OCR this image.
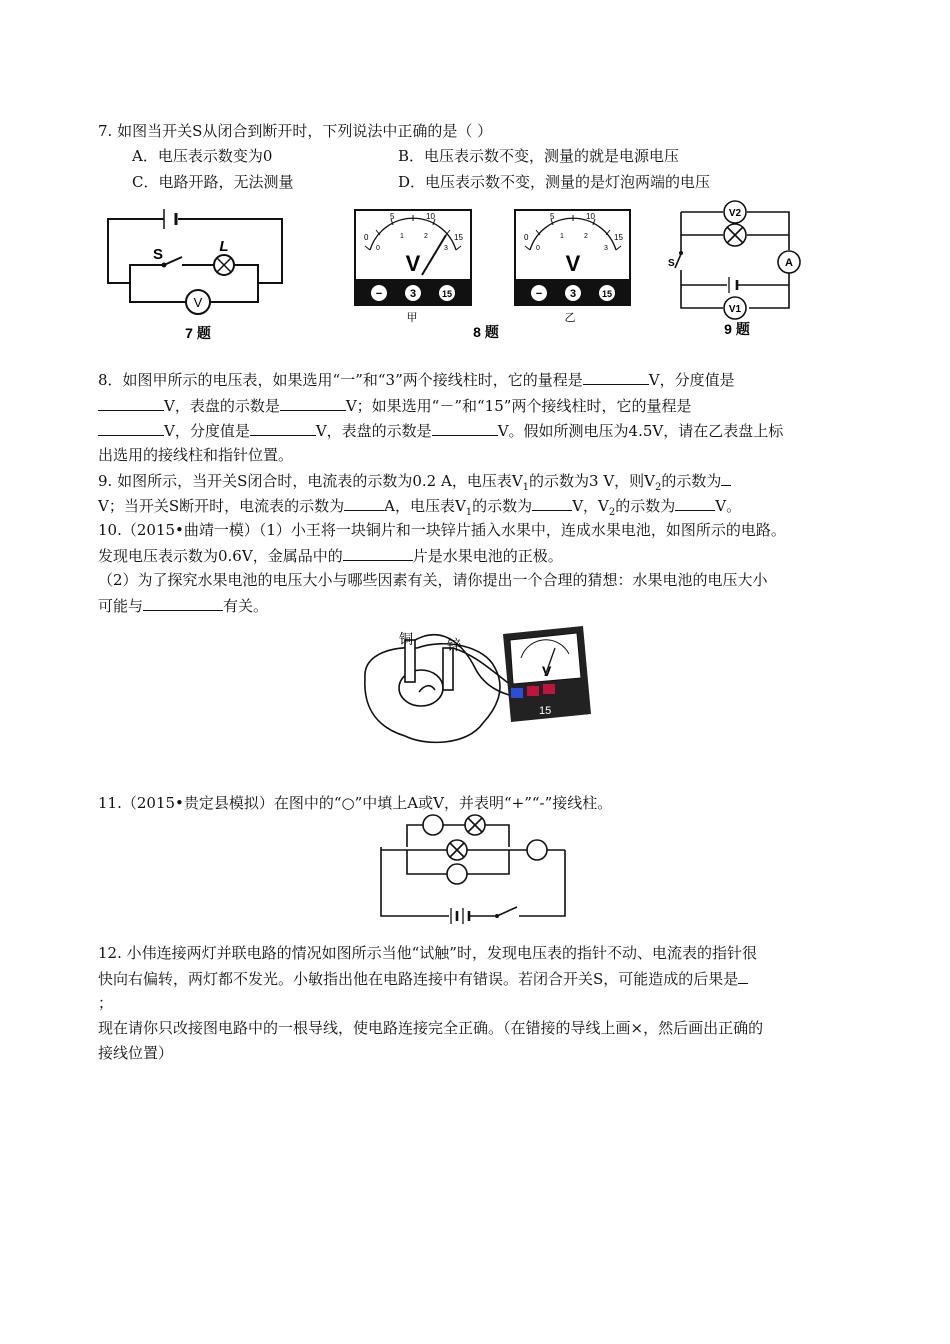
7. 如图当开关S从闭合到断开时，下列说法中正确的是（ ）
A．电压表示数变为0	B．电压表示数不变，测量的就是电源电压
C．电路开路，无法测量	D．电压表示数不变，测量的是灯泡两端的电压
S	L
V
7 题
0
5	10
15
0
1	2
3
V
−	3	15
0
5	10
15
0
1	2
3
V
−	3	15
甲	乙
8 题
V2
A
S
V1
9 题
8．如图甲所示的电压表，如果选用“一”和“3”两个接线柱时，它的量程是	V，分度值是
V，表盘的示数是	V；如果选用“－”和“15”两个接线柱时，它的量程是
V，分度值是	V，表盘的示数是	V。假如所测电压为4.5V，请在乙表盘上标
出选用的接线柱和指针位置。
9. 如图所示，当开关S闭合时，电流表的示数为0.2 A，电压表$V_1$的示数为3 V，则$V_2$的示数为
V；当开关S断开时，电流表的示数为	A，电压表$V_1$的示数为	V，$V_2$的示数为	V。
10.（2015•曲靖一模）（1）小王将一块铜片和一块锌片插入水果中，连成水果电池，如图所示的电路。
发现电压表示数为0.6V，金属品中的	片是水果电池的正极。
（2）为了探究水果电池的电压大小与哪些因素有关，请你提出一个合理的猜想：水果电池的电压大小
可能与	有关。
铜 锌
V
15
11.（2015•贵定县模拟）在图中的“○”中填上A或V，并表明“+”“-”接线柱。
12. 小伟连接两灯并联电路的情况如图所示当他“试触”时，发现电压表的指针不动、电流表的指针很
快向右偏转，两灯都不发光。小敏指出他在电路连接中有错误。若闭合开关S，可能造成的后果是
；
现在请你只改接图电路中的一根导线，使电路连接完全正确。（在错接的导线上画×，然后画出正确的
接线位置）
